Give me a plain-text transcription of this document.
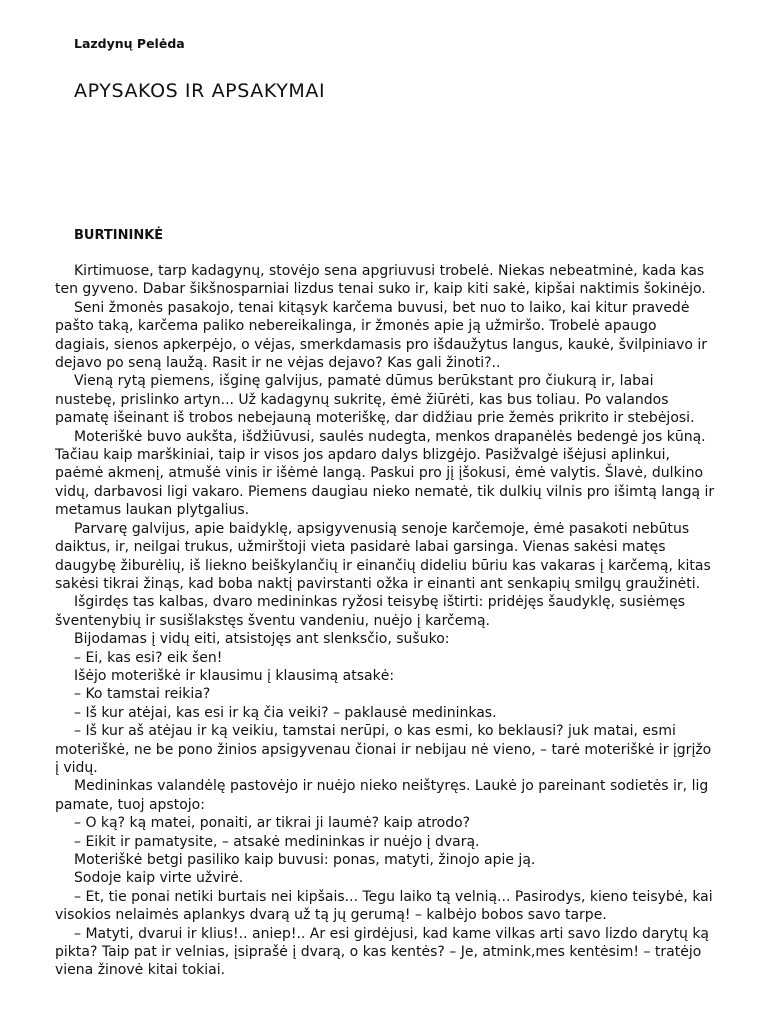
Lazdynų Pelėda
APYSAKOS IR APSAKYMAI
BURTININKĖ

Kirtimuose, tarp kadagynų, stovėjo sena apgriuvusi trobelė. Niekas nebeatminė, kada kas ten gyveno. Dabar šikšnosparniai lizdus tenai suko ir, kaip kiti sakė, kipšai naktimis šokinėjo.

Seni žmonės pasakojo, tenai kitąsyk karčema buvusi, bet nuo to laiko, kai kitur pravedė pašto taką, karčema paliko nebereikalinga, ir žmonės apie ją užmiršo. Trobelė apaugo dagiais, sienos apkerpėjo, o vėjas, smerkdamasis pro išdaužytus langus, kaukė, švilpiniavo ir dejavo po seną laužą. Rasit ir ne vėjas dejavo? Kas gali žinoti?..

Vieną rytą piemens, išginę galvijus, pamatė dūmus berūkstant pro čiukurą ir, labai nustebę, prislinko artyn... Už kadagynų sukritę, ėmė žiūrėti, kas bus toliau. Po valandos pamatę išeinant iš trobos nebejauną moteriškę, dar didžiau prie žemės prikrito ir stebėjosi.

Moteriškė buvo aukšta, išdžiūvusi, saulės nudegta, menkos drapanėlės bedengė jos kūną. Tačiau kaip marškiniai, taip ir visos jos apdaro dalys blizgėjo. Pasižvalgė išėjusi aplinkui, paėmė akmenį, atmušė vinis ir išėmė langą. Paskui pro jį įšokusi, ėmė valytis. Šlavė, dulkino vidų, darbavosi ligi vakaro. Piemens daugiau nieko nematė, tik dulkių vilnis pro išimtą langą ir metamus laukan plytgalius.

Parvarę galvijus, apie baidyklę, apsigyvenusią senoje karčemoje, ėmė pasakoti nebūtus daiktus, ir, neilgai trukus, užmirštoji vieta pasidarė labai garsinga. Vienas sakėsi matęs daugybę žiburėlių, iš liekno beiškylančių ir einančių dideliu būriu kas vakaras į karčemą, kitas sakėsi tikrai žinąs, kad boba naktį pavirstanti ožka ir einanti ant senkapių smilgų graužinėti.

Išgirdęs tas kalbas, dvaro medininkas ryžosi teisybę ištirti: pridėjęs šaudyklę, susiėmęs šventenybių ir susišlakstęs šventu vandeniu, nuėjo į karčemą.

Bijodamas į vidų eiti, atsistojęs ant slenksčio, sušuko:

– Ei, kas esi? eik šen!

Išėjo moteriškė ir klausimu į klausimą atsakė:

– Ko tamstai reikia?

– Iš kur atėjai, kas esi ir ką čia veiki? – paklausė medininkas.

– Iš kur aš atėjau ir ką veikiu, tamstai nerūpi, o kas esmi, ko beklausi? juk matai, esmi moteriškė, ne be pono žinios apsigyvenau čionai ir nebijau nė vieno, – tarė moteriškė ir įgrįžo į vidų.

Medininkas valandėlę pastovėjo ir nuėjo nieko neištyręs. Laukė jo pareinant sodietės ir, lig pamate, tuoj apstojo:

– O ką? ką matei, ponaiti, ar tikrai ji laumė? kaip atrodo?

– Eikit ir pamatysite, – atsakė medininkas ir nuėjo į dvarą.

Moteriškė betgi pasiliko kaip buvusi: ponas, matyti, žinojo apie ją.

Sodoje kaip virte užvirė.

– Et, tie ponai netiki burtais nei kipšais... Tegu laiko tą velnią... Pasirodys, kieno teisybė, kai visokios nelaimės aplankys dvarą už tą jų gerumą! – kalbėjo bobos savo tarpe.

– Matyti, dvarui ir klius!.. aniep!.. Ar esi girdėjusi, kad kame vilkas arti savo lizdo darytų ką pikta? Taip pat ir velnias, įsiprašė į dvarą, o kas kentės? – Je, atmink,mes kentėsim! – tratėjo viena žinovė kitai tokiai.
